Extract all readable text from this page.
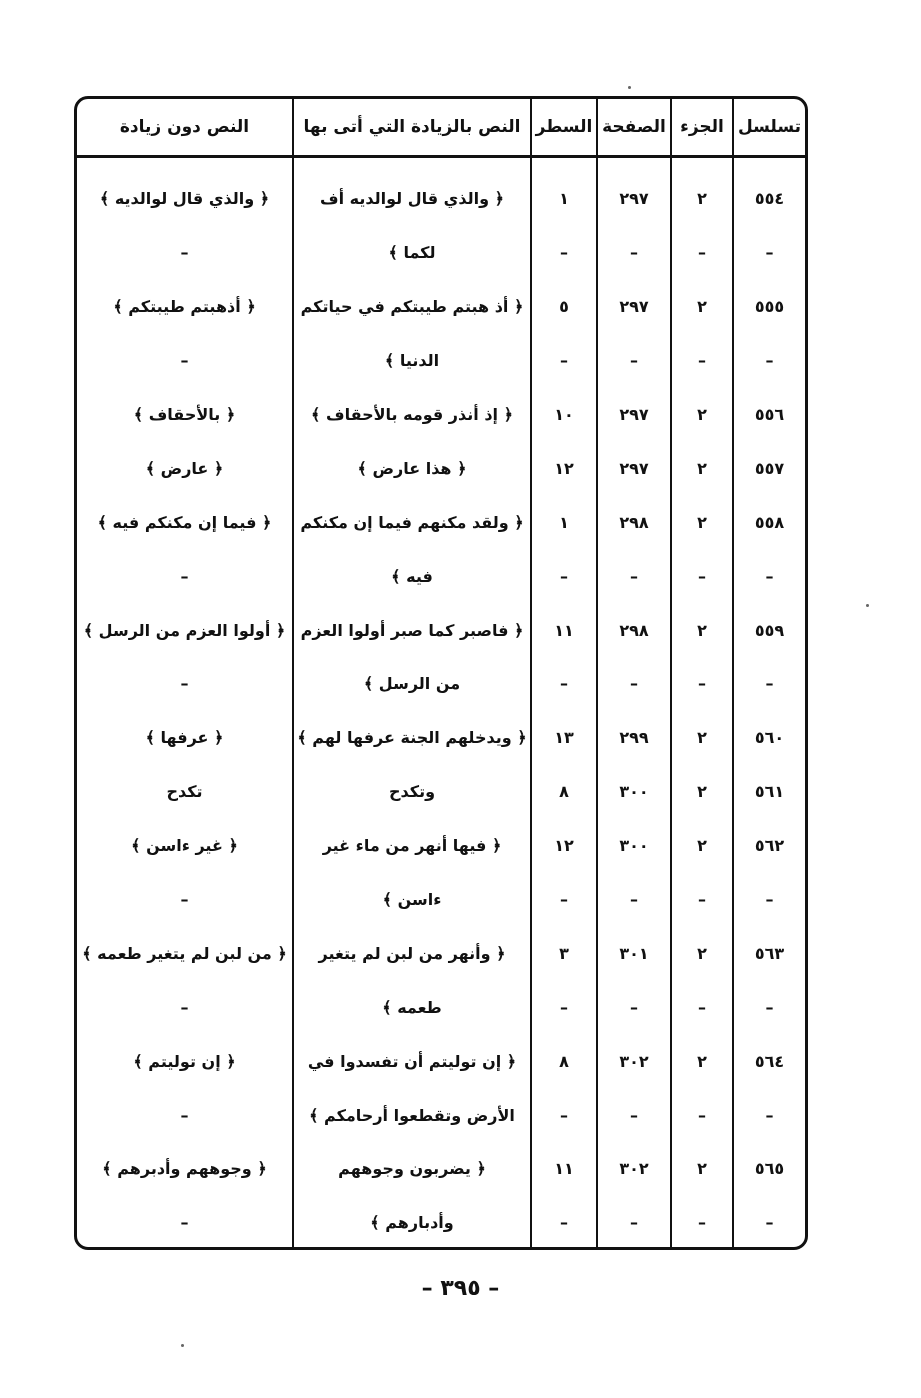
تسلسل	الجزء	الصفحة	السطر	النص بالزيادة التي أتى بها	النص دون زيادة

٥٥٤	٢	٢٩٧	١	﴿ والذي قال لوالديه أف	﴿ والذي قال لوالديه ﴾
–	–	–	–	لكما ﴾	–
٥٥٥	٢	٢٩٧	٥	﴿ أذ هبتم طيبتكم في حياتكم	﴿ أذهبتم طيبتكم ﴾
–	–	–	–	الدنيا ﴾	–
٥٥٦	٢	٢٩٧	١٠	﴿ إذ أنذر قومه بالأحقاف ﴾	﴿ بالأحقاف ﴾
٥٥٧	٢	٢٩٧	١٢	﴿ هذا عارض ﴾	﴿ عارض ﴾
٥٥٨	٢	٢٩٨	١	﴿ ولقد مكنهم فيما إن مكنكم	﴿ فيما إن مكنكم فيه ﴾
–	–	–	–	فيه ﴾	–
٥٥٩	٢	٢٩٨	١١	﴿ فاصبر كما صبر أولوا العزم	﴿ أولوا العزم من الرسل ﴾
–	–	–	–	من الرسل ﴾	–
٥٦٠	٢	٢٩٩	١٣	﴿ ويدخلهم الجنة عرفها لهم ﴾	﴿ عرفها ﴾
٥٦١	٢	٣٠٠	٨	وتكدح	تكدح
٥٦٢	٢	٣٠٠	١٢	﴿ فيها أنهر من ماء غير	﴿ غير ءاسن ﴾
–	–	–	–	ءاسن ﴾	–
٥٦٣	٢	٣٠١	٣	﴿ وأنهر من لبن لم يتغير	﴿ من لبن لم يتغير طعمه ﴾
–	–	–	–	طعمه ﴾	–
٥٦٤	٢	٣٠٢	٨	﴿ إن توليتم أن تفسدوا في	﴿ إن توليتم ﴾
–	–	–	–	الأرض وتقطعوا أرحامكم ﴾	–
٥٦٥	٢	٣٠٢	١١	﴿ يضربون وجوههم	﴿ وجوههم وأدبرهم ﴾
–	–	–	–	وأدبارهم ﴾	–
– ٣٩٥ –
